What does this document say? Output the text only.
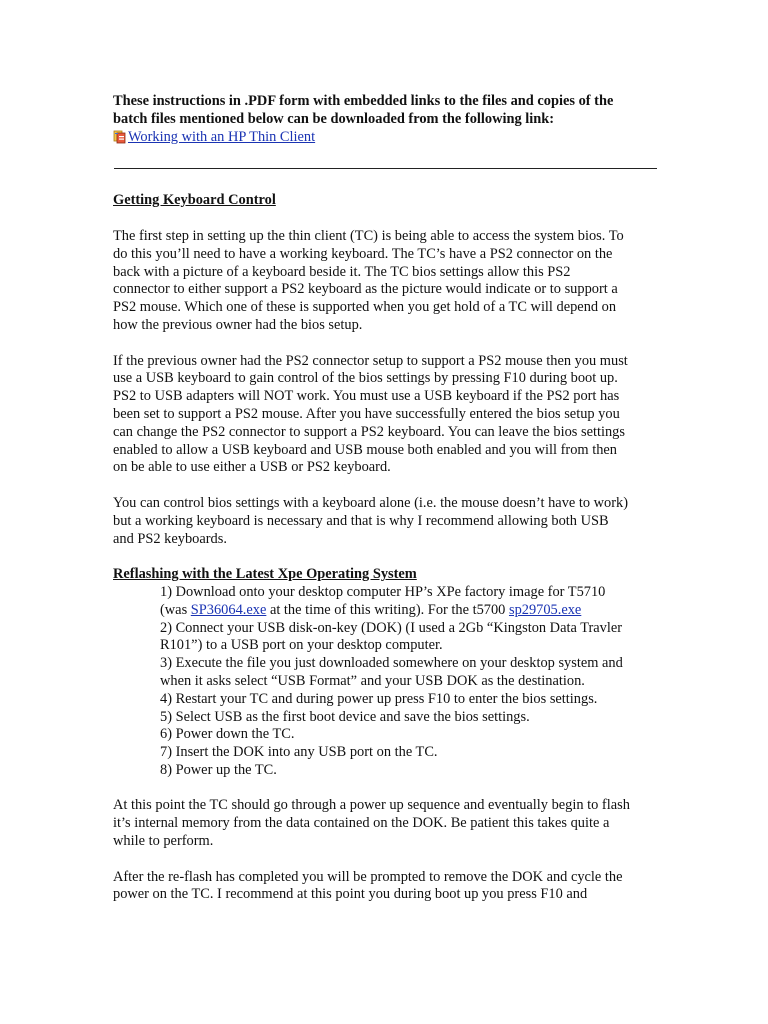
These instructions in .PDF form with embedded links to the files and copies of the
batch files mentioned below can be downloaded from the following link:
Working with an HP Thin Client
Getting Keyboard Control
The first step in setting up the thin client (TC) is being able to access the system bios. To
do this you’ll need to have a working keyboard. The TC’s have a PS2 connector on the
back with a picture of a keyboard beside it. The TC bios settings allow this PS2
connector to either support a PS2 keyboard as the picture would indicate or to support a
PS2 mouse. Which one of these is supported when you get hold of a TC will depend on
how the previous owner had the bios setup.
If the previous owner had the PS2 connector setup to support a PS2 mouse then you must
use a USB keyboard to gain control of the bios settings by pressing F10 during boot up.
PS2 to USB adapters will NOT work. You must use a USB keyboard if the PS2 port has
been set to support a PS2 mouse. After you have successfully entered the bios setup you
can change the PS2 connector to support a PS2 keyboard. You can leave the bios settings
enabled to allow a USB keyboard and USB mouse both enabled and you will from then
on be able to use either a USB or PS2 keyboard.
You can control bios settings with a keyboard alone (i.e. the mouse doesn’t have to work)
but a working keyboard is necessary and that is why I recommend allowing both USB
and PS2 keyboards.
Reflashing with the Latest Xpe Operating System
1) Download onto your desktop computer HP’s XPe factory image for T5710
(was SP36064.exe at the time of this writing). For the t5700 sp29705.exe
2) Connect your USB disk-on-key (DOK) (I used a 2Gb “Kingston Data Travler
R101”) to a USB port on your desktop computer.
3) Execute the file you just downloaded somewhere on your desktop system and
when it asks select “USB Format” and your USB DOK as the destination.
4) Restart your TC and during power up press F10 to enter the bios settings.
5) Select USB as the first boot device and save the bios settings.
6) Power down the TC.
7) Insert the DOK into any USB port on the TC.
8) Power up the TC.
At this point the TC should go through a power up sequence and eventually begin to flash
it’s internal memory from the data contained on the DOK. Be patient this takes quite a
while to perform.
After the re-flash has completed you will be prompted to remove the DOK and cycle the
power on the TC. I recommend at this point you during boot up you press F10 and
